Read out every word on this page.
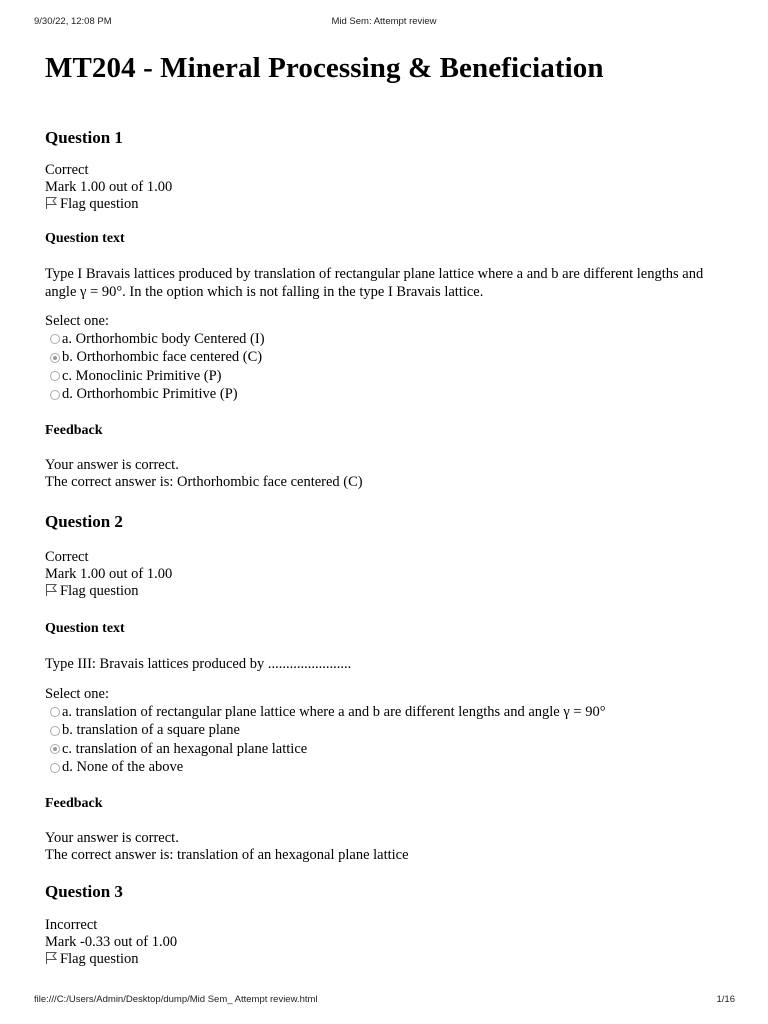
9/30/22, 12:08 PM	Mid Sem: Attempt review
MT204 - Mineral Processing & Beneficiation
Question 1
Correct
Mark 1.00 out of 1.00
Flag question
Question text
Type I Bravais lattices produced by translation of rectangular plane lattice where a and b are different lengths and angle γ = 90°. In the option which is not falling in the type I Bravais lattice.
Select one:
a. Orthorhombic body Centered (I)
b. Orthorhombic face centered (C)
c. Monoclinic Primitive (P)
d. Orthorhombic Primitive (P)
Feedback
Your answer is correct.
The correct answer is: Orthorhombic face centered (C)
Question 2
Correct
Mark 1.00 out of 1.00
Flag question
Question text
Type III: Bravais lattices produced by .......................
Select one:
a. translation of rectangular plane lattice where a and b are different lengths and angle γ = 90°
b. translation of a square plane
c. translation of an hexagonal plane lattice
d. None of the above
Feedback
Your answer is correct.
The correct answer is: translation of an hexagonal plane lattice
Question 3
Incorrect
Mark -0.33 out of 1.00
Flag question
file:///C:/Users/Admin/Desktop/dump/Mid Sem_ Attempt review.html	1/16
